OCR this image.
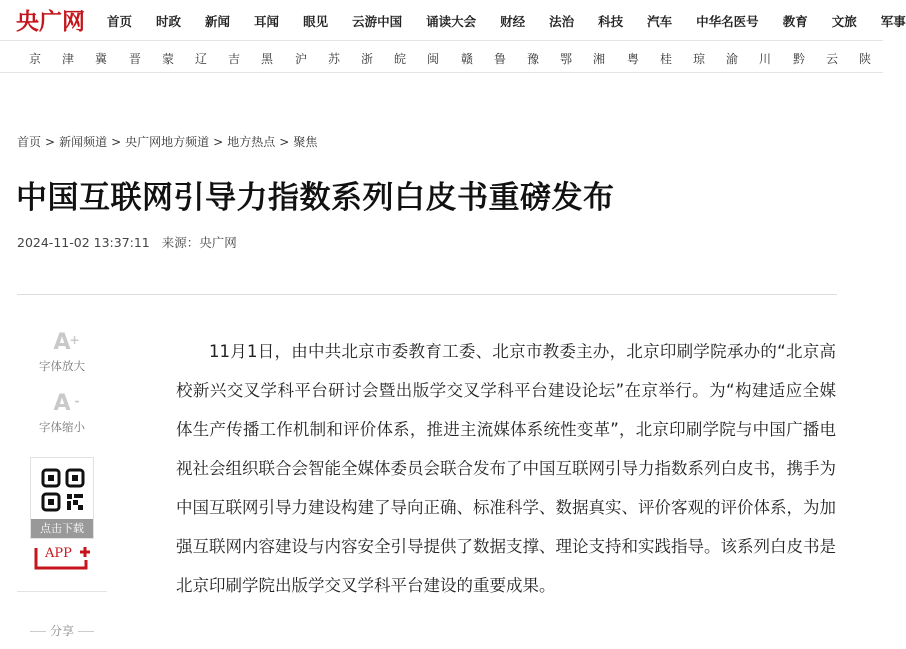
央广网 首页 时政 新闻 耳闻 眼见 云游中国 诵读大会 财经 法治 科技 汽车 中华名医号 教育 文旅 军事
京 津 冀 晋 蒙 辽 吉 黑 沪 苏 浙 皖 闽 赣 鲁 豫 鄂 湘 粤 桂 琼 渝 川 黔 云 陕
首页 > 新闻频道 > 央广网地方频道 > 地方热点 > 聚焦
中国互联网引导力指数系列白皮书重磅发布
2024-11-02 13:37:11 来源：央广网
A
+
字体放大
A -
字体缩小
点击下载
APP
分享

11月1日，由中共北京市委教育工委、北京市教委主办，北京印刷学院承办的“北京高校新兴交叉学科平台研讨会暨出版学交叉学科平台建设论坛”在京举行。为“构建适应全媒体生产传播工作机制和评价体系，推进主流媒体系统性变革”，北京印刷学院与中国广播电视社会组织联合会智能全媒体委员会联合发布了中国互联网引导力指数系列白皮书，携手为中国互联网引导力建设构建了导向正确、标准科学、数据真实、评价客观的评价体系，为加强互联网内容建设与内容安全引导提供了数据支撑、理论支持和实践指导。该系列白皮书是北京印刷学院出版学交叉学科平台建设的重要成果。
